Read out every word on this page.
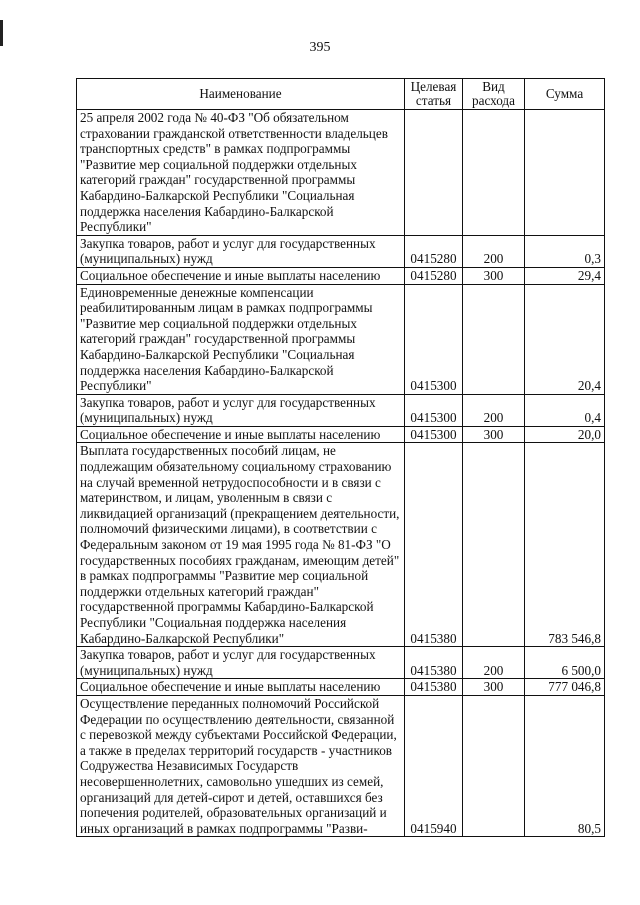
395
Наименование	Целевая статья	Вид расхода	Сумма
25 апреля 2002 года № 40-ФЗ "Об обязательном страховании гражданской ответственности владельцев транспортных средств" в рамках подпрограммы "Развитие мер социальной поддержки отдельных категорий граждан" государственной программы Кабардино-Балкарской Республики "Социальная поддержка населения Кабардино-Балкарской Республики"			
Закупка товаров, работ и услуг для государственных (муниципальных) нужд	0415280	200	0,3
Социальное обеспечение и иные выплаты населению	0415280	300	29,4
Единовременные денежные компенсации реабилитированным лицам в рамках подпрограммы "Развитие мер социальной поддержки отдельных категорий граждан" государственной программы Кабардино-Балкарской Республики "Социальная поддержка населения Кабардино-Балкарской Республики"	0415300		20,4
Закупка товаров, работ и услуг для государственных (муниципальных) нужд	0415300	200	0,4
Социальное обеспечение и иные выплаты населению	0415300	300	20,0
Выплата государственных пособий лицам, не подлежащим обязательному социальному страхованию на случай временной нетрудоспособности и в связи с материнством, и лицам, уволенным в связи с ликвидацией организаций (прекращением деятельности, полномочий физическими лицами), в соответствии с Федеральным законом от 19 мая 1995 года № 81-ФЗ "О государственных пособиях гражданам, имеющим детей" в рамках подпрограммы "Развитие мер социальной поддержки отдельных категорий граждан" государственной программы Кабардино-Балкарской Республики "Социальная поддержка населения Кабардино-Балкарской Республики"	0415380		783 546,8
Закупка товаров, работ и услуг для государственных (муниципальных) нужд	0415380	200	6 500,0
Социальное обеспечение и иные выплаты населению	0415380	300	777 046,8
Осуществление переданных полномочий Российской Федерации по осуществлению деятельности, связанной с перевозкой между субъектами Российской Федерации, а также в пределах территорий государств - участников Содружества Независимых Государств несовершеннолетних, самовольно ушедших из семей, организаций для детей-сирот и детей, оставшихся без попечения родителей, образовательных организаций и иных организаций в рамках подпрограммы "Разви-	0415940		80,5
